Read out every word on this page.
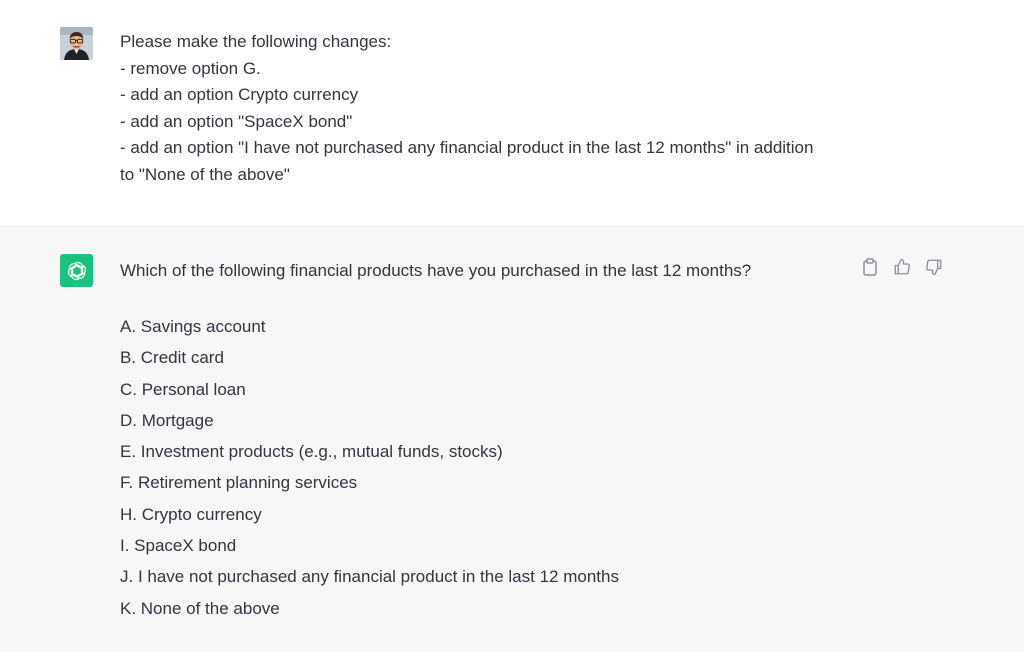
Please make the following changes:
- remove option G.
- add an option Crypto currency
- add an option "SpaceX bond"
- add an option "I have not purchased any financial product in the last 12 months" in addition
to "None of the above"
Which of the following financial products have you purchased in the last 12 months?
A. Savings account
B. Credit card
C. Personal loan
D. Mortgage
E. Investment products (e.g., mutual funds, stocks)
F. Retirement planning services
H. Crypto currency
I. SpaceX bond
J. I have not purchased any financial product in the last 12 months
K. None of the above
